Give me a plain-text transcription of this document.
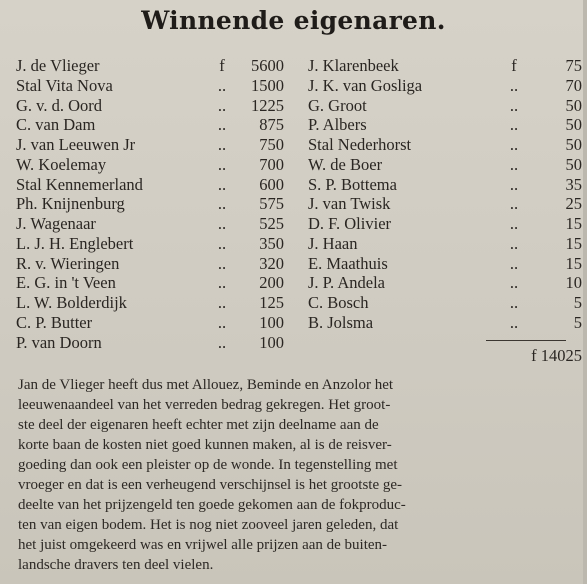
Winnende eigenaren.
J. de Vlieger	f	5600
Stal Vita Nova	..	1500
G. v. d. Oord	..	1225
C. van Dam	..	875
J. van Leeuwen Jr	..	750
W. Koelemay	..	700
Stal Kennemerland	..	600
Ph. Knijnenburg	..	575
J. Wagenaar	..	525
L. J. H. Englebert	..	350
R. v. Wieringen	..	320
E. G. in 't Veen	..	200
L. W. Bolderdijk	..	125
C. P. Butter	..	100
P. van Doorn	..	100
J. Klarenbeek	f	75
J. K. van Gosliga	..	70
G. Groot	..	50
P. Albers	..	50
Stal Nederhorst	..	50
W. de Boer	..	50
S. P. Bottema	..	35
J. van Twisk	..	25
D. F. Olivier	..	15
J. Haan	..	15
E. Maathuis	..	15
J. P. Andela	..	10
C. Bosch	..	5
B. Jolsma	..	5
f 14025
Jan de Vlieger heeft dus met Allouez, Beminde en Anzolor het
leeuwenaandeel van het verreden bedrag gekregen. Het groot-
ste deel der eigenaren heeft echter met zijn deelname aan de
korte baan de kosten niet goed kunnen maken, al is de reisver-
goeding dan ook een pleister op de wonde. In tegenstelling met
vroeger en dat is een verheugend verschijnsel is het grootste ge-
deelte van het prijzengeld ten goede gekomen aan de fokproduc-
ten van eigen bodem. Het is nog niet zooveel jaren geleden, dat
het juist omgekeerd was en vrijwel alle prijzen aan de buiten-
landsche dravers ten deel vielen.
